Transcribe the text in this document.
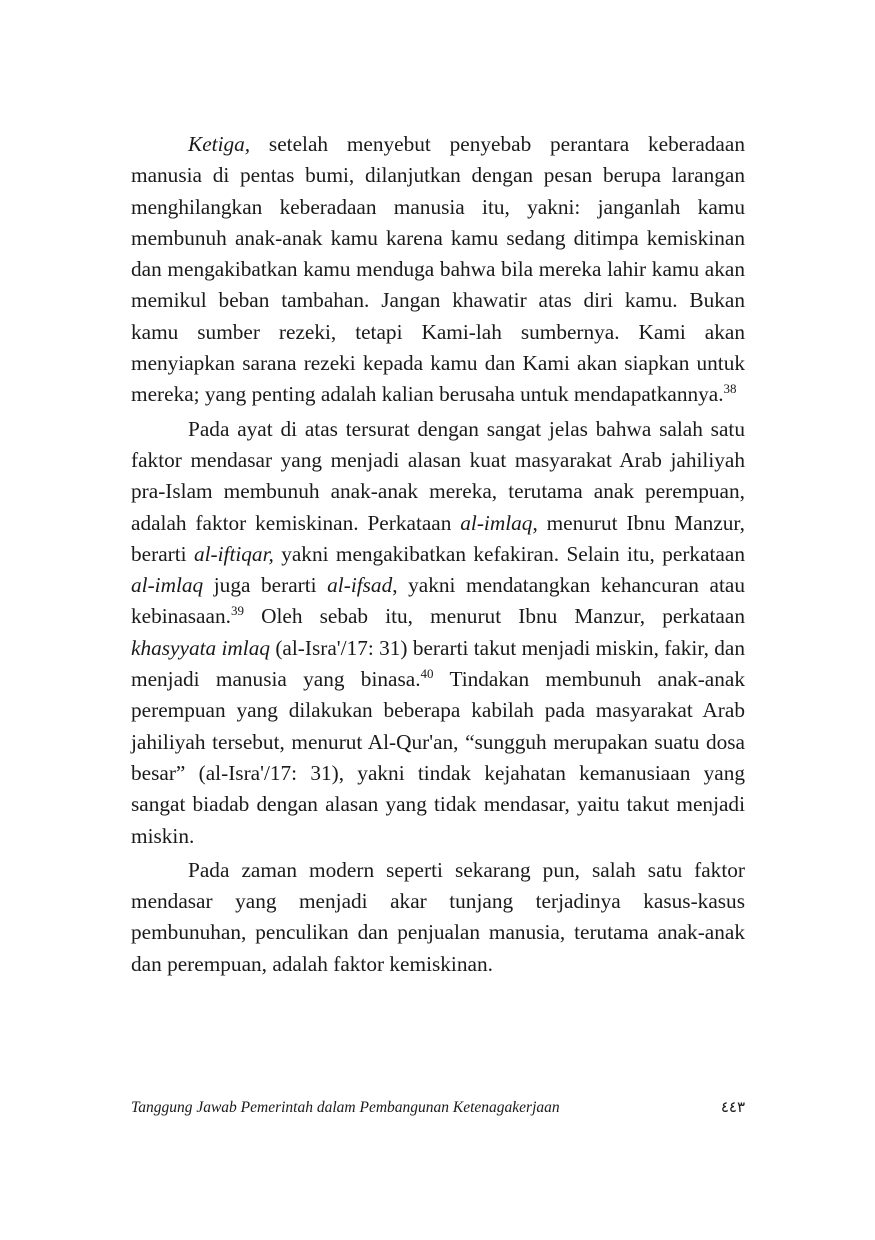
Ketiga, setelah menyebut penyebab perantara keberadaan manusia di pentas bumi, dilanjutkan dengan pesan berupa larangan menghilangkan keberadaan manusia itu, yakni: janganlah kamu membunuh anak-anak kamu karena kamu sedang ditimpa kemiskinan dan mengakibatkan kamu menduga bahwa bila mereka lahir kamu akan memikul beban tambahan. Jangan khawatir atas diri kamu. Bukan kamu sumber rezeki, tetapi Kami-lah sumbernya. Kami akan menyiapkan sarana rezeki kepada kamu dan Kami akan siapkan untuk mereka; yang penting adalah kalian berusaha untuk mendapatkannya.$^{38}$

Pada ayat di atas tersurat dengan sangat jelas bahwa salah satu faktor mendasar yang menjadi alasan kuat masyarakat Arab jahiliyah pra-Islam membunuh anak-anak mereka, terutama anak perempuan, adalah faktor kemiskinan. Perkataan al-imlaq, menurut Ibnu Manzur, berarti al-iftiqar, yakni mengakibatkan kefakiran. Selain itu, perkataan al-imlaq juga berarti al-ifsad, yakni mendatangkan kehancuran atau kebinasaan.$^{39}$ Oleh sebab itu, menurut Ibnu Manzur, perkataan khasyyata imlaq (al-Isra'/17: 31) berarti takut menjadi miskin, fakir, dan menjadi manusia yang binasa.$^{40}$ Tindakan membunuh anak-anak perempuan yang dilakukan beberapa kabilah pada masyarakat Arab jahiliyah tersebut, menurut Al-Qur'an, “sungguh merupakan suatu dosa besar” (al-Isra'/17: 31), yakni tindak kejahatan kemanusiaan yang sangat biadab dengan alasan yang tidak mendasar, yaitu takut menjadi miskin.

Pada zaman modern seperti sekarang pun, salah satu faktor mendasar yang menjadi akar tunjang terjadinya kasus-kasus pembunuhan, penculikan dan penjualan manusia, terutama anak-anak dan perempuan, adalah faktor kemiskinan.

Tanggung Jawab Pemerintah dalam Pembangunan Ketenagakerjaan	٤٤٣
